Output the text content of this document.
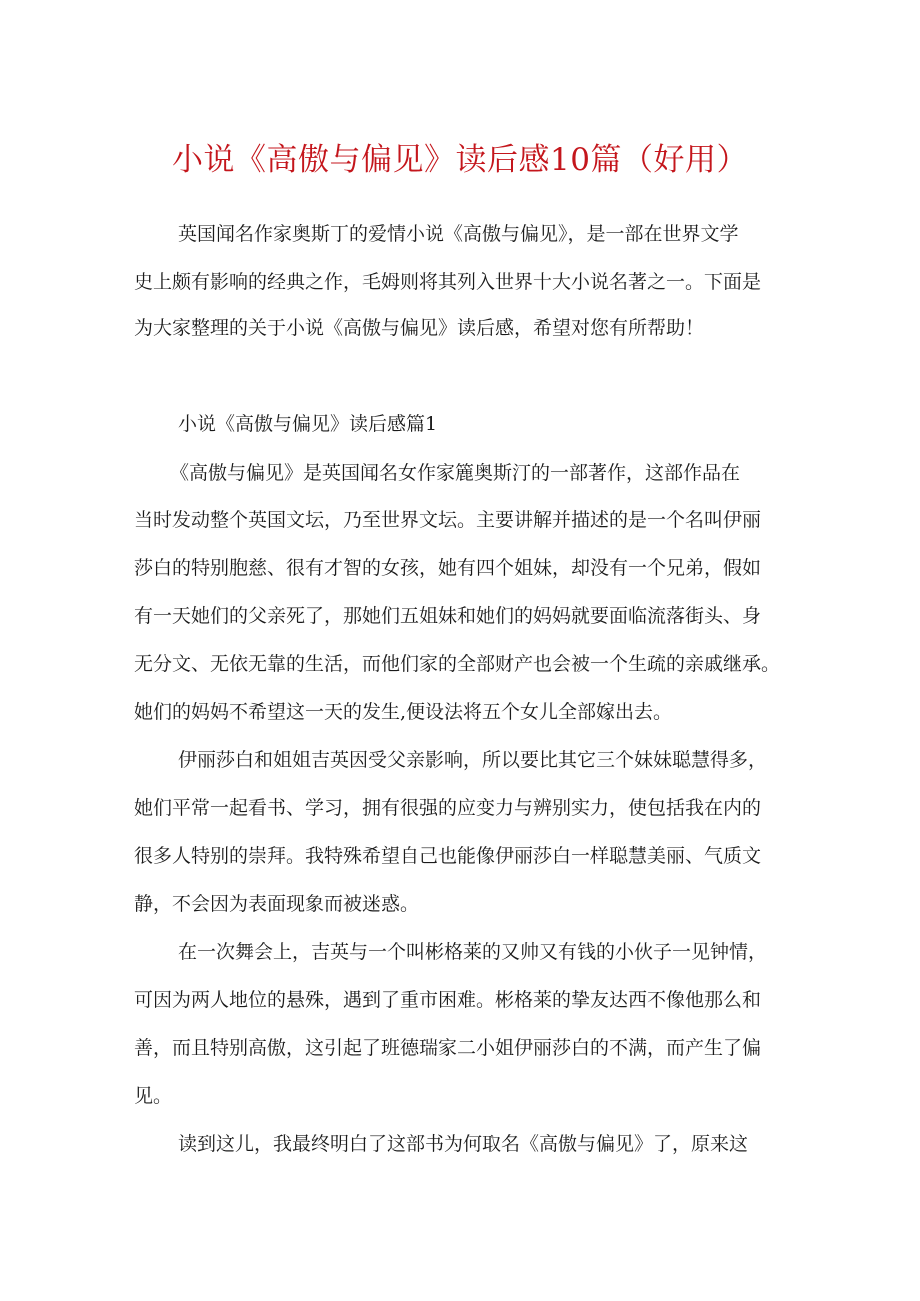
小说《高傲与偏见》读后感10篇（好用）
英国闻名作家奥斯丁的爱情小说《高傲与偏见》，是一部在世界文学
史上颇有影响的经典之作，毛姆则将其列入世界十大小说名著之一。下面是
为大家整理的关于小说《高傲与偏见》读后感，希望对您有所帮助！
小说《高傲与偏见》读后感篇1
《高傲与偏见》是英国闻名女作家簏奥斯汀的一部著作，这部作品在
当时发动整个英国文坛，乃至世界文坛。主要讲解并描述的是一个名叫伊丽
莎白的特别胞慈、很有才智的女孩，她有四个姐妹，却没有一个兄弟，假如
有一天她们的父亲死了，那她们五姐妹和她们的妈妈就要面临流落街头、身
无分文、无依无靠的生活，而他们家的全部财产也会被一个生疏的亲戚继承。
她们的妈妈不希望这一天的发生,便设法将五个女儿全部嫁出去。
伊丽莎白和姐姐吉英因受父亲影响，所以要比其它三个妹妹聪慧得多，
她们平常一起看书、学习，拥有很强的应变力与辨别实力，使包括我在内的
很多人特别的崇拜。我特殊希望自己也能像伊丽莎白一样聪慧美丽、气质文
静，不会因为表面现象而被迷惑。
在一次舞会上，吉英与一个叫彬格莱的又帅又有钱的小伙子一见钟情，
可因为两人地位的悬殊，遇到了重市困难。彬格莱的挚友达西不像他那么和
善，而且特别高傲，这引起了班德瑞家二小姐伊丽莎白的不满，而产生了偏
见。
读到这儿，我最终明白了这部书为何取名《高傲与偏见》了，原来这
